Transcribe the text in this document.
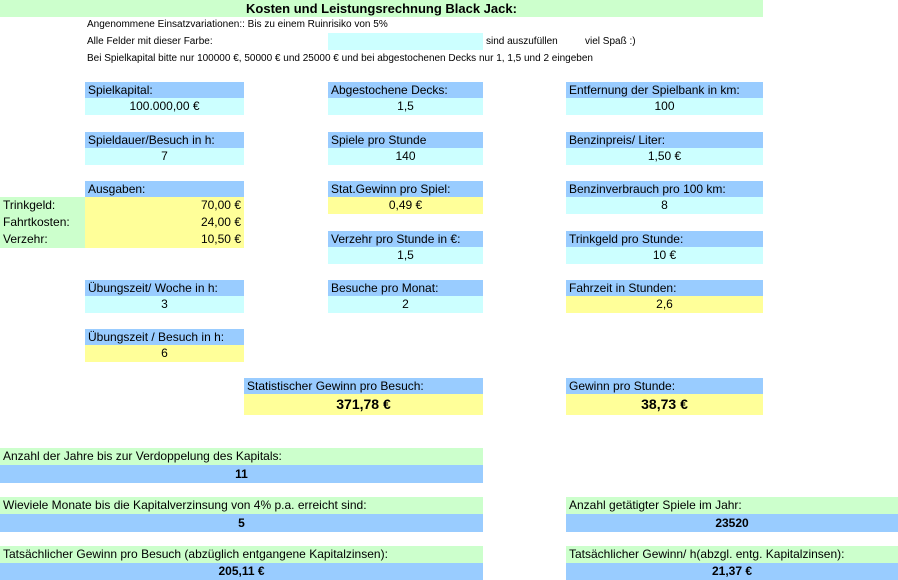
Kosten und Leistungsrechnung Black Jack:
Angenommene Einsatzvariationen:: Bis zu einem Ruinrisiko von 5%
Alle Felder mit dieser Farbe:	sind auszufüllen	viel Spaß :)
Bei Spielkapital bitte nur 100000 €, 50000 € und 25000 € und bei abgestochenen Decks nur 1, 1,5 und 2 eingeben
Spielkapital:
100.000,00 €
Spieldauer/Besuch in h:
7
Ausgaben:
Trinkgeld:	70,00 €
Fahrtkosten:	24,00 €
Verzehr:	10,50 €
Übungszeit/ Woche in h:
3
Übungszeit / Besuch in h:
6
Abgestochene Decks:
1,5
Spiele pro Stunde
140
Stat.Gewinn pro Spiel:
0,49 €
Verzehr pro Stunde in €:
1,5
Besuche pro Monat:
2
Entfernung der Spielbank in km:
100
Benzinpreis/ Liter:
1,50 €
Benzinverbrauch pro 100 km:
8
Trinkgeld pro Stunde:
10 €
Fahrzeit in Stunden:
2,6
Statistischer Gewinn pro Besuch:
371,78 €
Gewinn pro Stunde:
38,73 €
Anzahl der Jahre bis zur Verdoppelung des Kapitals:
11
Wieviele Monate bis die Kapitalverzinsung von 4% p.a. erreicht sind:
5
Anzahl getätigter Spiele im Jahr:
23520
Tatsächlicher Gewinn pro Besuch (abzüglich entgangene Kapitalzinsen):
205,11 €
Tatsächlicher Gewinn/ h(abzgl. entg. Kapitalzinsen):
21,37 €
